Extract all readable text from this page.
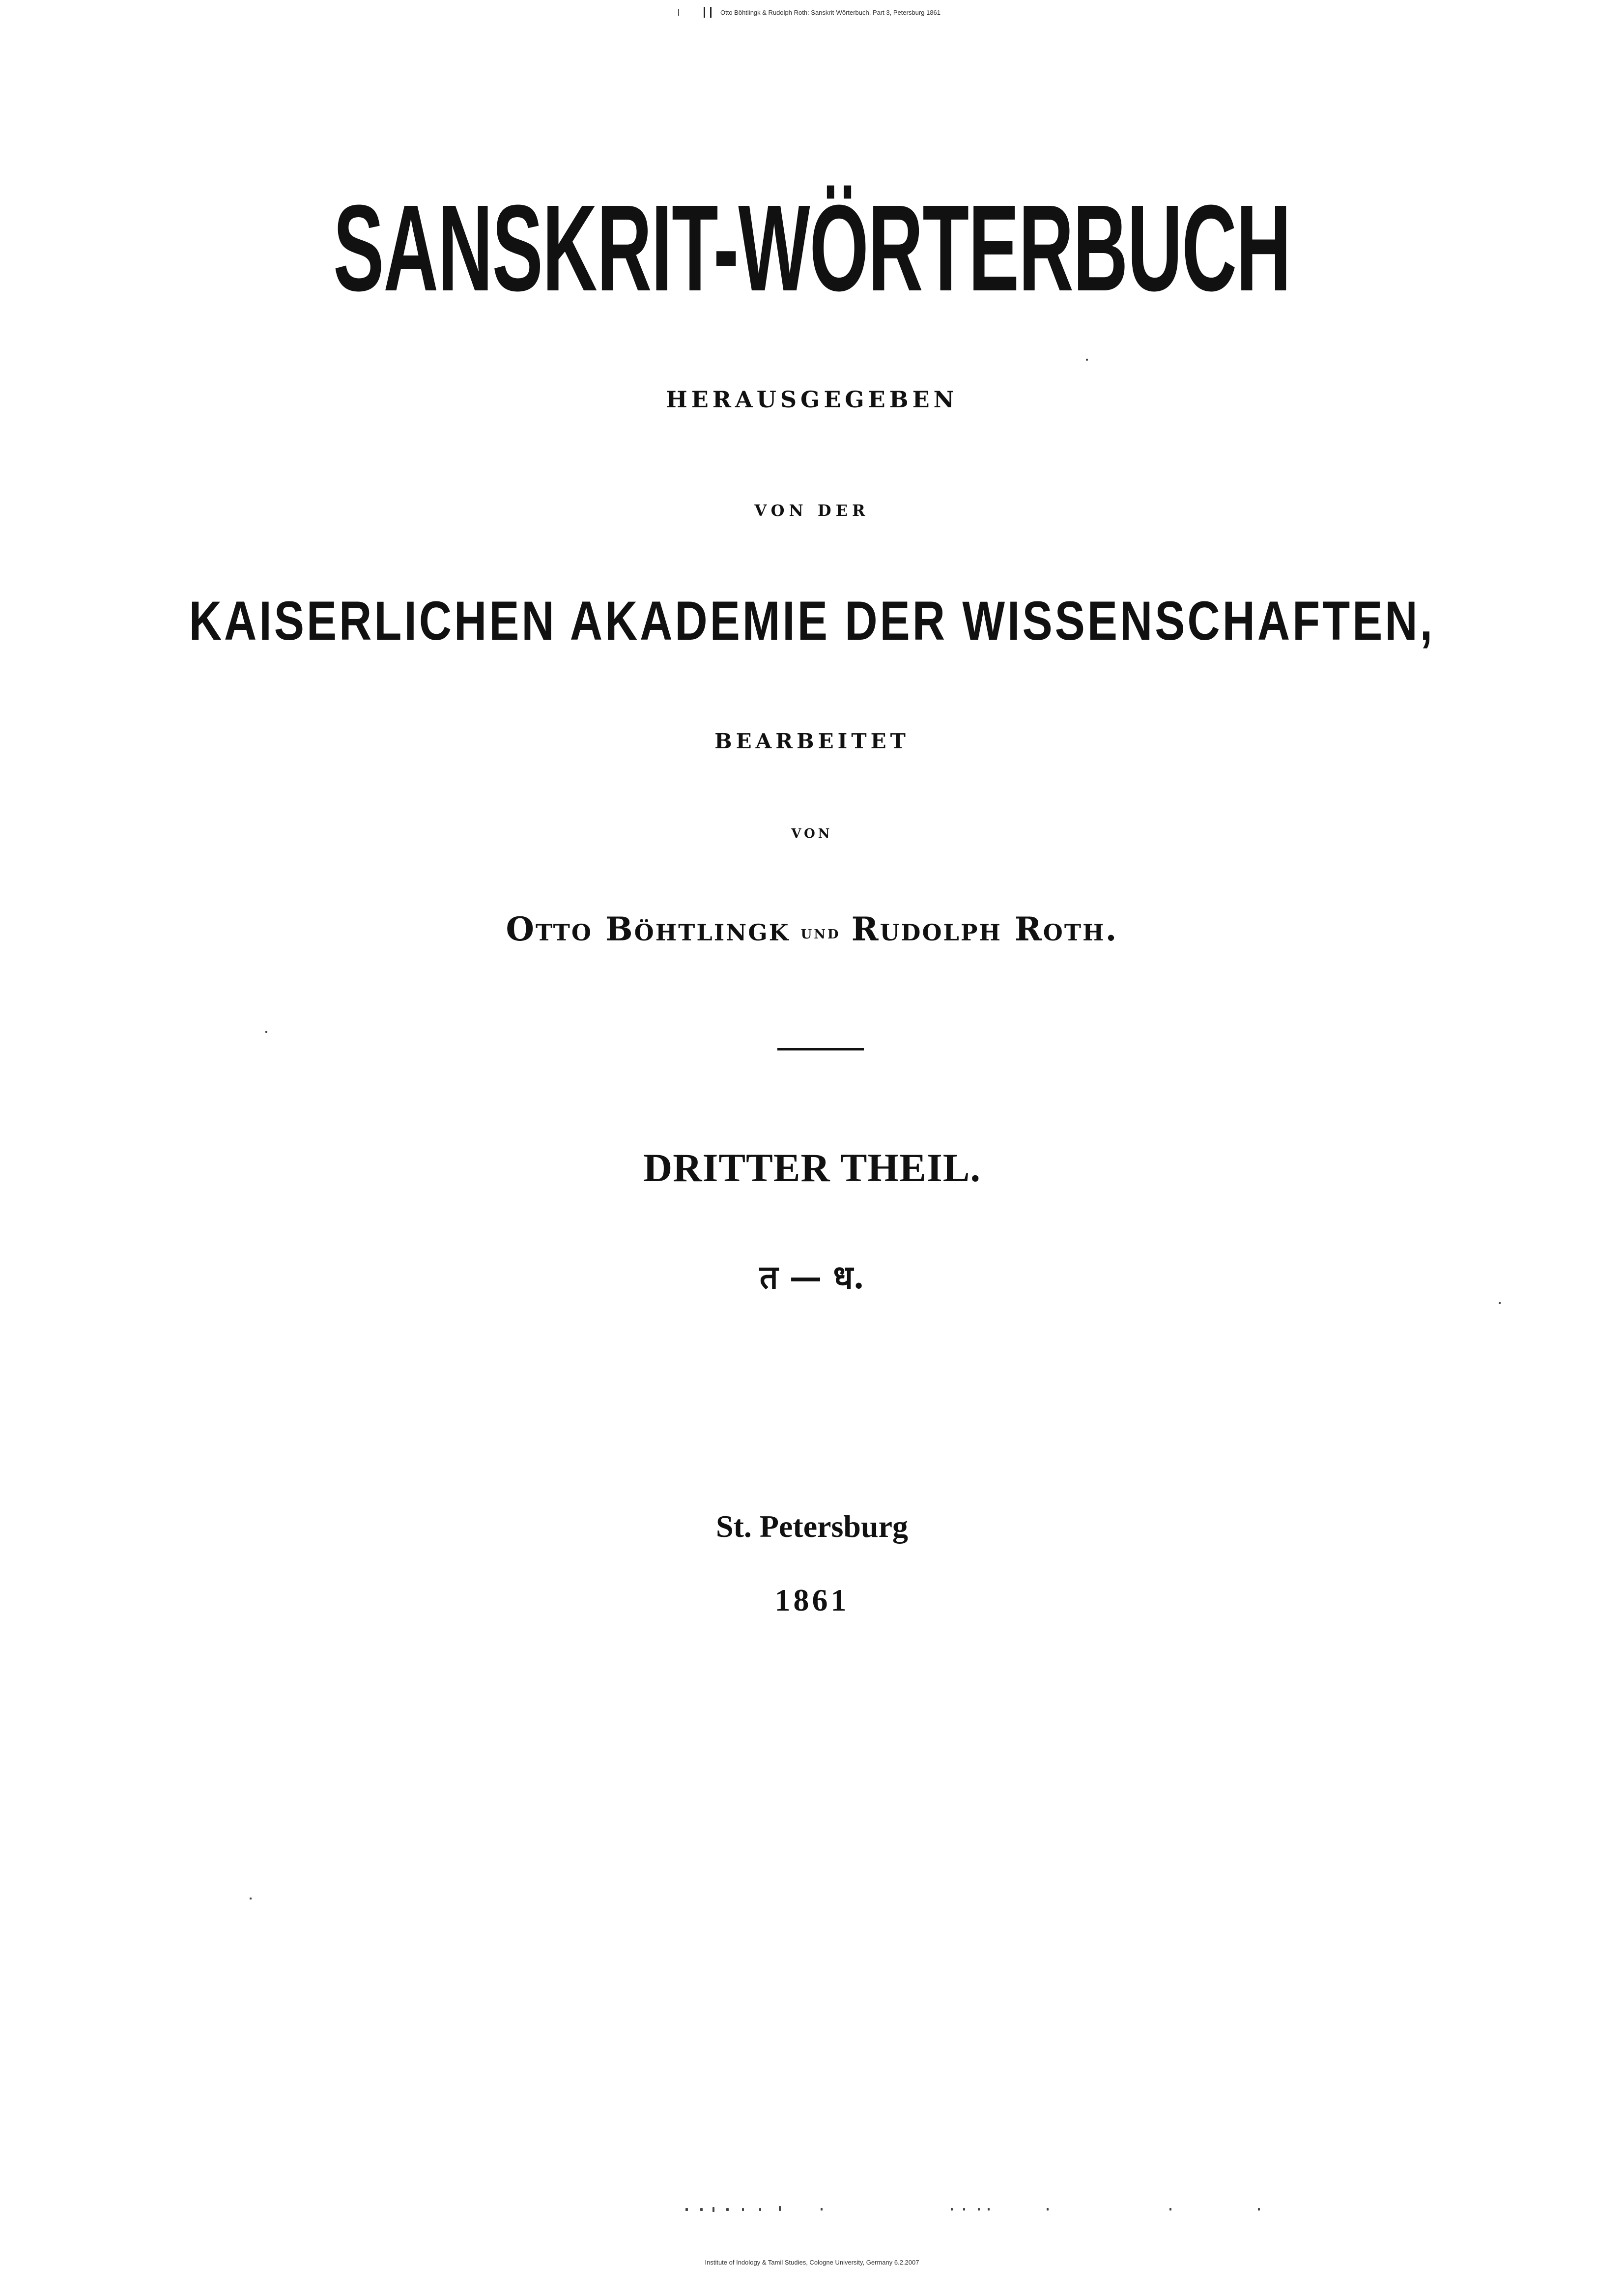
Otto Böhtlingk & Rudolph Roth: Sanskrit-Wörterbuch, Part 3, Petersburg 1861
SANSKRIT-WÖRTERBUCH
HERAUSGEGEBEN
VON DER
KAISERLICHEN AKADEMIE DER WISSENSCHAFTEN,
BEARBEITET
VON
Otto Böhtlingk UND Rudolph Roth.
DRITTER THEIL.
त — ध.
St. Petersburg
1861
Institute of Indology & Tamil Studies, Cologne University, Germany 6.2.2007
